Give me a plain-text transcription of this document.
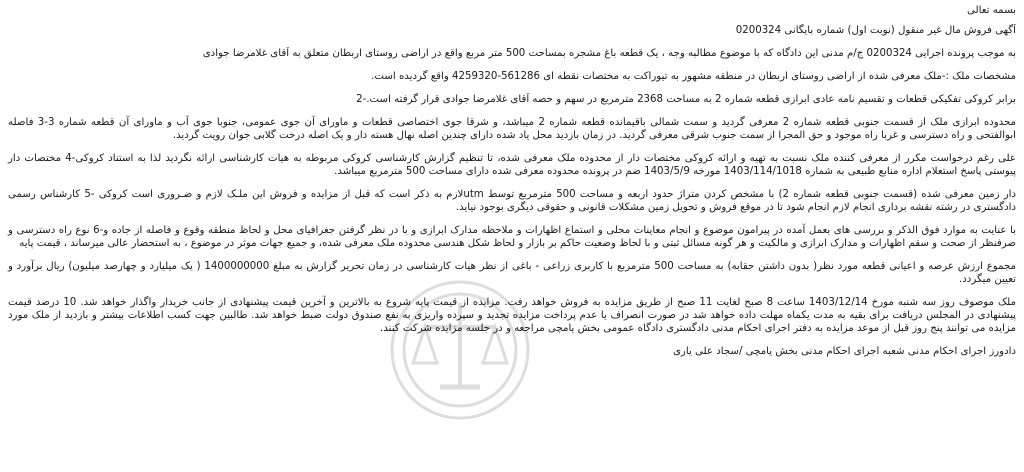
بسمه تعالی
آگهی فروش مال غیر منقول (نوبت اول) شماره بایگانی 0200324
به موجب پرونده اجرایی 0200324 ج/م مدنی این دادگاه که با موضوع مطالبه وجه ، یک قطعه باغ مشجره بمساحت 500 متر مربع واقع در اراضی روستای اربطان متعلق به آقای غلامرضا جوادی
مشخصات ملک :-ملک معرفی شده از اراضی روستای اربطان در منطقه مشهور به تیوراکت به مختصات نقطه ای 561286-4259320 واقع گردیده است.
برابر کروکی تفکیکی قطعات و تقسیم نامه عادی ابرازی قطعه شماره 2 به مساحت 2368 مترمربع در سهم و حصه آقای غلامرضا جوادی قرار گرفته است.-2
محدوده ابرازی ملک از قسمت جنوبی قطعه شماره 2 معرفی گردید و سمت شمالی باقیمانده قطعه شماره 2 میباشد، و شرقا جوی اختصاصی قطعات و ماورای آن جوی عمومی، جنوبا جوی آب و ماورای آن قطعه شماره 3-3 فاصله ابوالفتحی و راه دسترسی و غربا راه موجود و حق المجرا از سمت جنوب شرقی معرفی گردید. در زمان بازدید محل یاد شده دارای چندین اصله نهال هسته دار و یک اصله درخت گلابی جوان رویت گردید.
علی رغم درخواست مکرر از معرفی کننده ملک نسبت به تهیه و ارائه کروکی مختصات دار از محدوده ملک معرفی شده، تا تنظیم گزارش کارشناسی کروکی مربوطه به هیات کارشناسی ارائه نگردید لذا به استناد کروکی-4 مختصات دار پیوستی پاسخ استعلام اداره منابع طبیعی به شماره 1403/114/1018 مورخه 1403/5/9 ضم در پرونده محدوده معرفی شده دارای مساحت 500 مترمربع میباشد.
دار زمین معرفی شده (قسمت جنوبی قطعه شماره 2) با مشخص کردن متراژ حدود اربعه و مساحت 500 مترمربع توسط utmلازم به ذکر است که قبل از مزایده و فروش این ملـک لازم و ضـروری است کروکی -5 کارشناس رسمی دادگستری در رشته نقشه برداری انجام لازم انجام شود تا در موقع فروش و تحویل زمین مشکلات قانونی و حقوقی دیگری بوجود نیاید.
با عنایت به موارد فوق الذکر و بررسی های بعمل آمده در پیرامون موضوع و انجام معاینات محلی و استماع اظهارات و ملاحظه مدارک ابرازی و با در نظر گرفتن جغرافیای محل و لحاظ منطقه وقوع و فاصله از جاده و-6 نوع راه دسترسی و صرفنظر از صحت و سقم اظهارات و مدارک ابرازی و مالکیت و هر گونه مسائل ثبتی و با لحاظ وضعیت حاکم بر بازار و لحاظ شکل هندسی محدوده ملک معرفی شده، و جمیع جهات موثر در موضوع ، به استحضار عالی میرساند ، قیمت پایه
مجموع ارزش عرصه و اعیانی قطعه مورد نظر( بدون داشتن حقابه) به مساحت 500 مترمربع با کاربری زراعی - باغی از نظر هیات کارشناسی در زمان تحریر گزارش به مبلغ 1400000000 ( یک میلیارد و چهارصد میلیون) ریال برآورد و تعیین میگردد.
ملک موصوف روز سه شنبه مورخ 1403/12/14 ساعت 8 صبح لغایت 11 صبح از طریق مزایده به فروش خواهد رفت. مزایده از قیمت پایه شروع به بالاترین و آخرین قیمت پیشنهادی از جانب خریدار واگذار خواهد شد. 10 درصد قیمت پیشنهادی در المجلس دریافت برای بقیه به مدت یکماه مهلت داده خواهد شد در صورت انصراف یا عدم پرداخت مزایده تجدید و سپرده واریزی به نفع صندوق دولت ضبط خواهد شد. طالبین جهت کسب اطلاعات بیشتر و بازدید از ملک مورد مزایده می توانند پنج روز قبل از موعد مزایده به دفتر اجرای احکام مدنی دادگستری دادگاه عمومی بخش یامچی مراجعه و در جلسه مزایده شرکت کنند.
دادورز اجرای احکام مدنی شعبه اجرای احکام مدنی بخش یامچی /سجاد علی یاری
